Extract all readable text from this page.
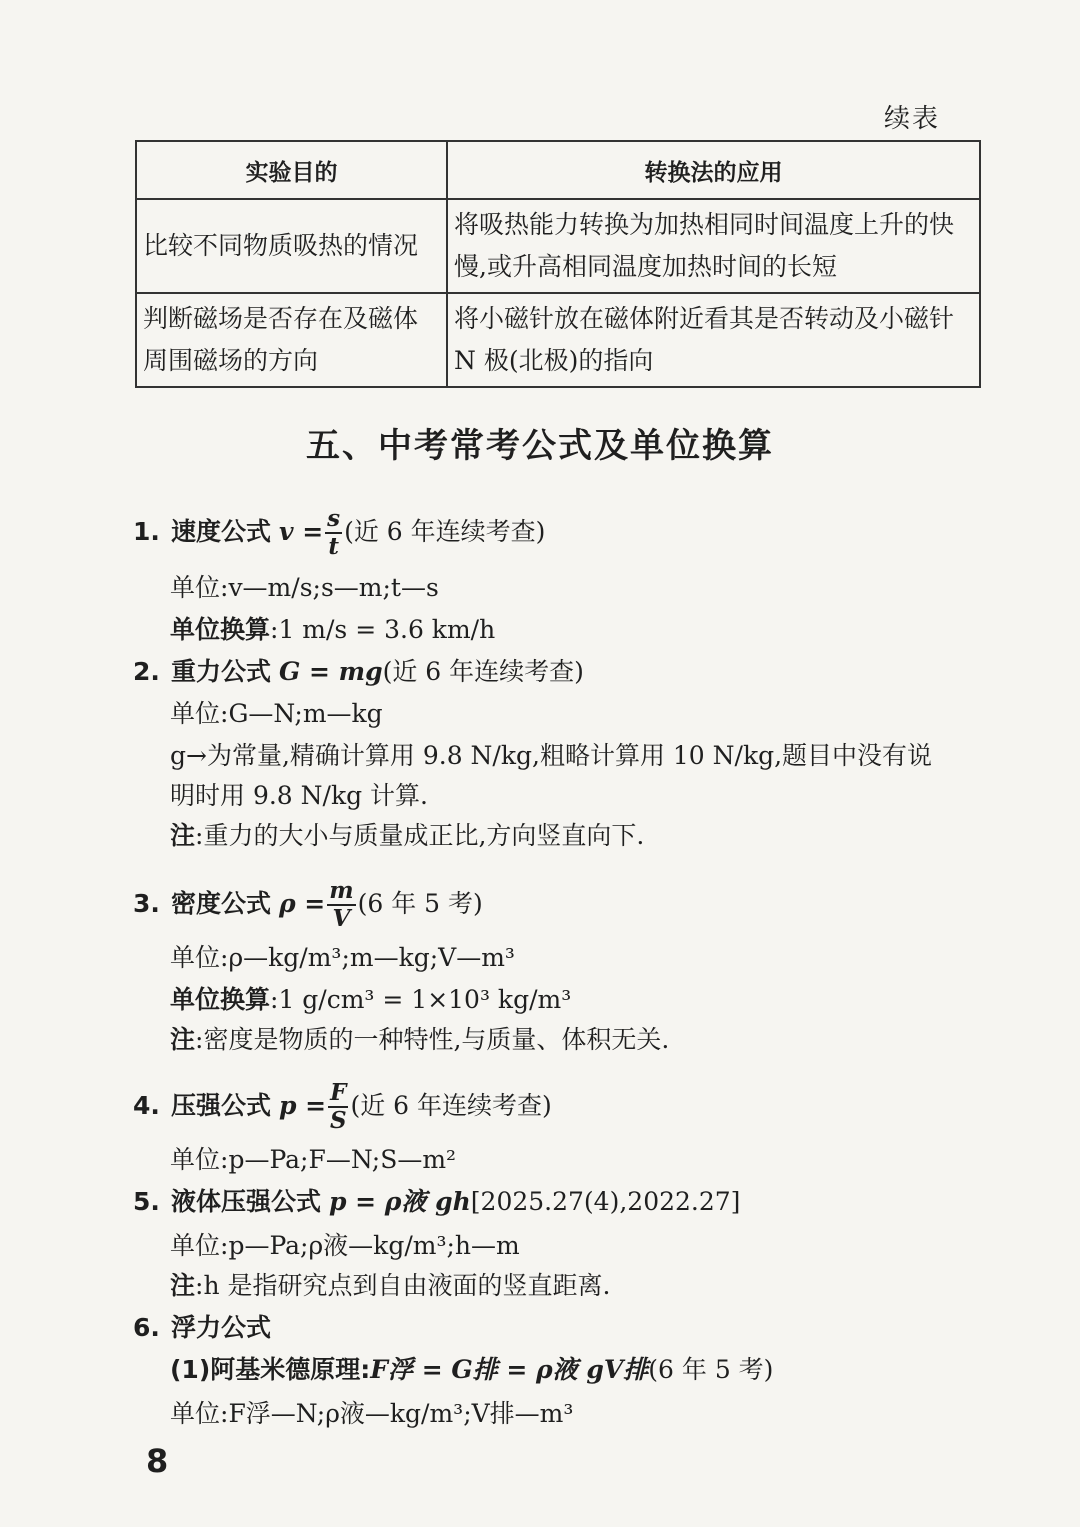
续表
实验目的	转换法的应用
比较不同物质吸热的情况	将吸热能力转换为加热相同时间温度上升的快慢,或升高相同温度加热时间的长短
判断磁场是否存在及磁体周围磁场的方向	将小磁针放在磁体附近看其是否转动及小磁针 N 极(北极)的指向
五、中考常考公式及单位换算
1. 速度公式 $v = \frac{s}{t}$ (近 6 年连续考查)
单位:v—m/s;s—m;t—s
单位换算:1 m/s = 3.6 km/h
2. 重力公式 G = mg(近 6 年连续考查)
单位:G—N;m—kg
g→为常量,精确计算用 9.8 N/kg,粗略计算用 10 N/kg,题目中没有说
明时用 9.8 N/kg 计算.
注:重力的大小与质量成正比,方向竖直向下.
3. 密度公式 $\rho = \frac{m}{V} (6$ 年 5 考)
单位:ρ—kg/m³;m—kg;V—m³
单位换算:1 g/cm³ = 1×10³ kg/m³
注:密度是物质的一种特性,与质量、体积无关.
4. 压强公式 $p = \frac{F}{S}$ (近 6 年连续考查)
单位:p—Pa;F—N;S—m²
5. 液体压强公式 p = ρ液 gh[2025.27(4),2022.27]
单位:p—Pa;ρ液—kg/m³;h—m
注:h 是指研究点到自由液面的竖直距离.
6. 浮力公式
(1)阿基米德原理:F浮 = G排 = ρ液 gV排(6 年 5 考)
单位:F浮—N;ρ液—kg/m³;V排—m³
8
